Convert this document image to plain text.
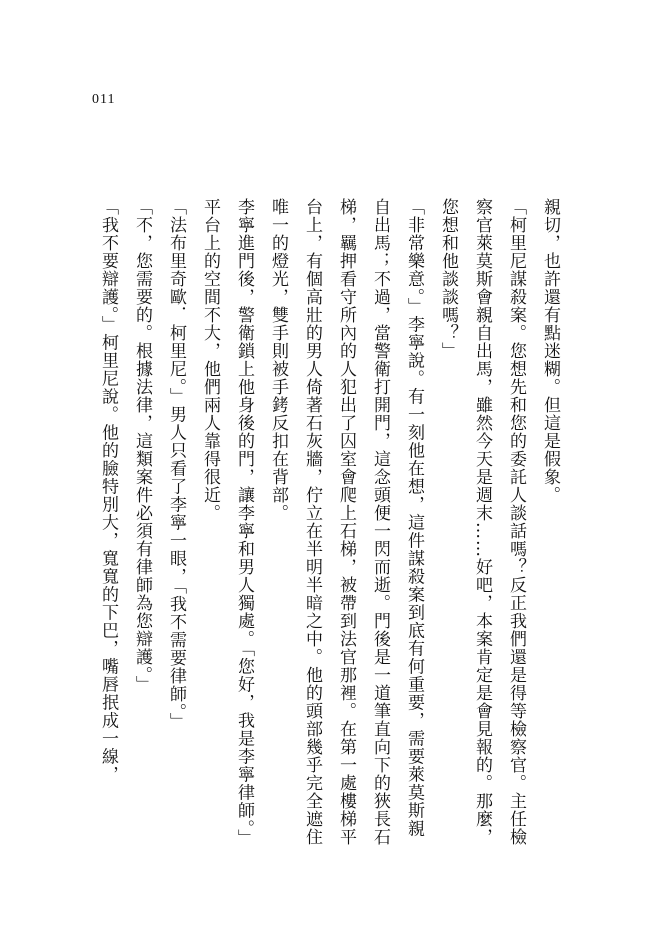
011

親切，也許還有點迷糊。但這是假象。

「柯里尼謀殺案。您想先和您的委託人談話嗎？反正我們還是得等檢察官。主任檢察官萊莫斯會親自出馬，雖然今天是週末……好吧，本案肯定是會見報的。那麼，您想和他談談嗎？」

「非常樂意。」李寧說。有一刻他在想，這件謀殺案到底有何重要，需要萊莫斯親自出馬；不過，當警衛打開門，這念頭便一閃而逝。門後是一道筆直向下的狹長石梯，羈押看守所內的人犯出了囚室會爬上石梯，被帶到法官那裡。在第一處樓梯平台上，有個高壯的男人倚著石灰牆，佇立在半明半暗之中。他的頭部幾乎完全遮住唯一的燈光，雙手則被手銬反扣在背部。

李寧進門後，警衛鎖上他身後的門，讓李寧和男人獨處。「您好，我是李寧律師。」平台上的空間不大，他們兩人靠得很近。

「法布里奇歐．柯里尼。」男人只看了李寧一眼，「我不需要律師。」

「不，您需要的。根據法律，這類案件必須有律師為您辯護。」

「我不要辯護。」柯里尼說。他的臉特別大，寬寬的下巴，嘴唇抿成一線，
